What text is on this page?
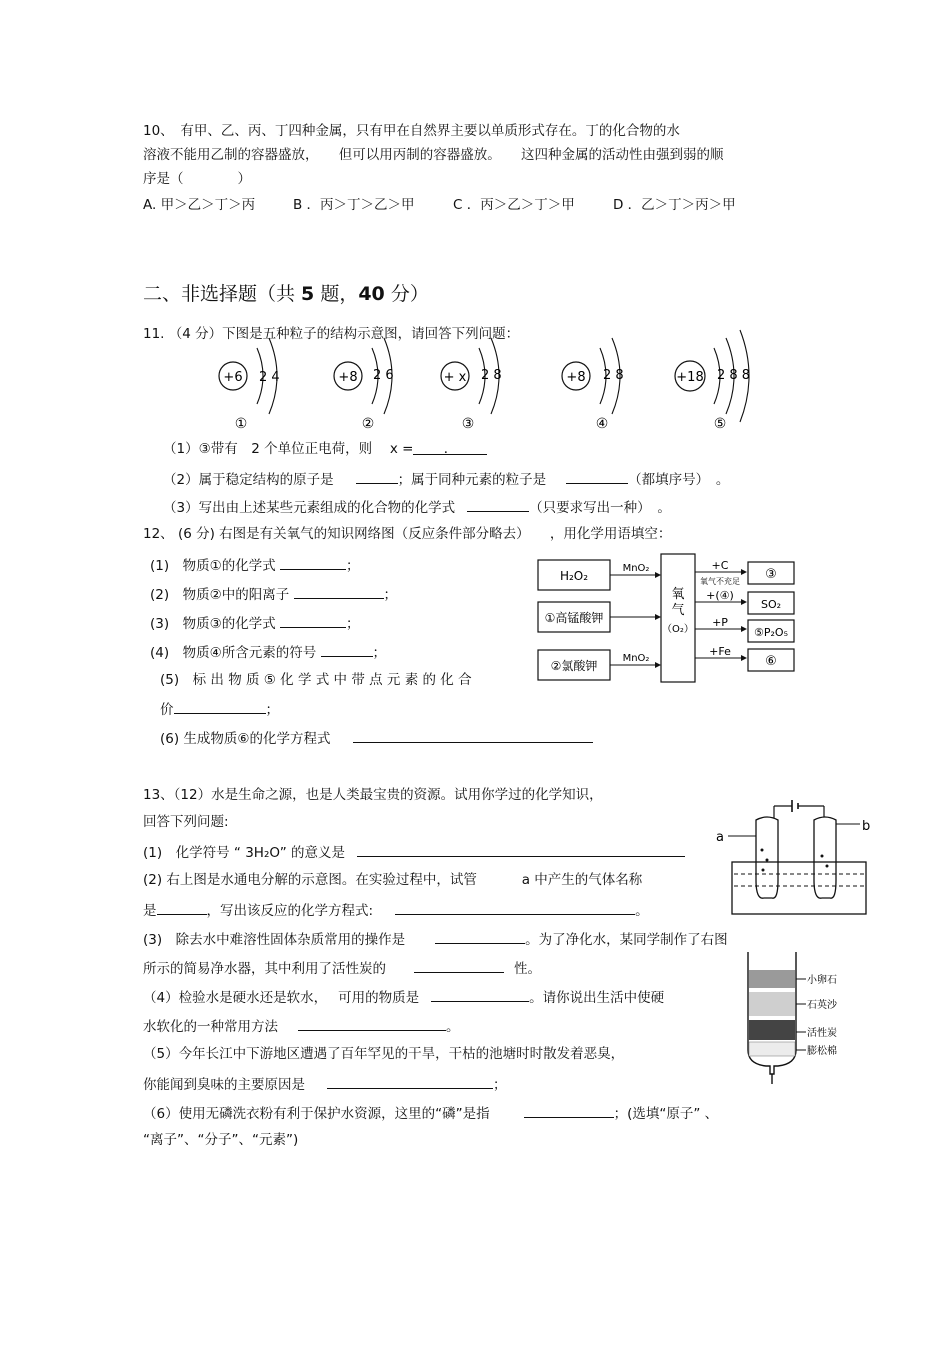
10、　有甲、乙、丙、丁四种金属，只有甲在自然界主要以单质形式存在。丁的化合物的水
溶液不能用乙制的容器盛放，　　但可以用丙制的容器盛放。　　这四种金属的活动性由强到弱的顺
序是（　　　　）
A. 甲＞乙＞丁＞丙	B ．丙＞丁＞乙＞甲	C ．丙＞乙＞丁＞甲	D ．乙＞丁＞丙＞甲
二、非选择题（共 5 题，40 分）
11. （4 分）下图是五种粒子的结构示意图，请回答下列问题：
+6 2 4	+8 2 6	+ x 2 8	+8 2 8	+18 2 8 8
①	②	③	④	⑤
（1）③带有　2 个单位正电荷，则　 x = ．
（2）属于稳定结构的原子是	；属于同种元素的粒子是	（都填序号）　。
（3）写出由上述某些元素组成的化合物的化学式	（只要求写出一种）　。
12、 (6 分) 右图是有关氧气的知识网络图（反应条件部分略去）　　，用化学用语填空：
(1)　物质①的化学式	；
(2)　物质②中的阳离子	；
(3)　物质③的化学式	；
(4)　物质④所含元素的符号	；
(5)　标 出 物 质 ⑤ 化 学 式 中 带 点 元 素 的 化 合
价	；
(6) 生成物质⑥的化学方程式
H₂O₂
①高锰酸钾
②氯酸钾
MnO₂
MnO₂
氧
气
（O₂）
+C
氧气不充足
+(④)
+P
+Fe
③
SO₂
⑤P₂O₅
⑥
13、（12）水是生命之源，也是人类最宝贵的资源。试用你学过的化学知识，
回答下列问题:
(1)　化学符号 “ 3H₂O” 的意义是
(2) 右上图是水通电分解的示意图。在实验过程中，试管　　　 a 中产生的气体名称
是	，写出该反应的化学方程式:	。
(3)　除去水中难溶性固体杂质常用的操作是	。为了净化水，某同学制作了右图
所示的简易净水器，其中利用了活性炭的	性。
（4）检验水是硬水还是软水，　 可用的物质是	。请你说出生活中使硬
水软化的一种常用方法	。
（5）今年长江中下游地区遭遇了百年罕见的干旱，干枯的池塘时时散发着恶臭，
你能闻到臭味的主要原因是	；
（6）使用无磷洗衣粉有利于保护水资源，这里的“磷”是指	；(选填“原子” 、
“离子”、“分子”、“元素”)
a
b
小卵石
石英沙
活性炭
膨松棉
